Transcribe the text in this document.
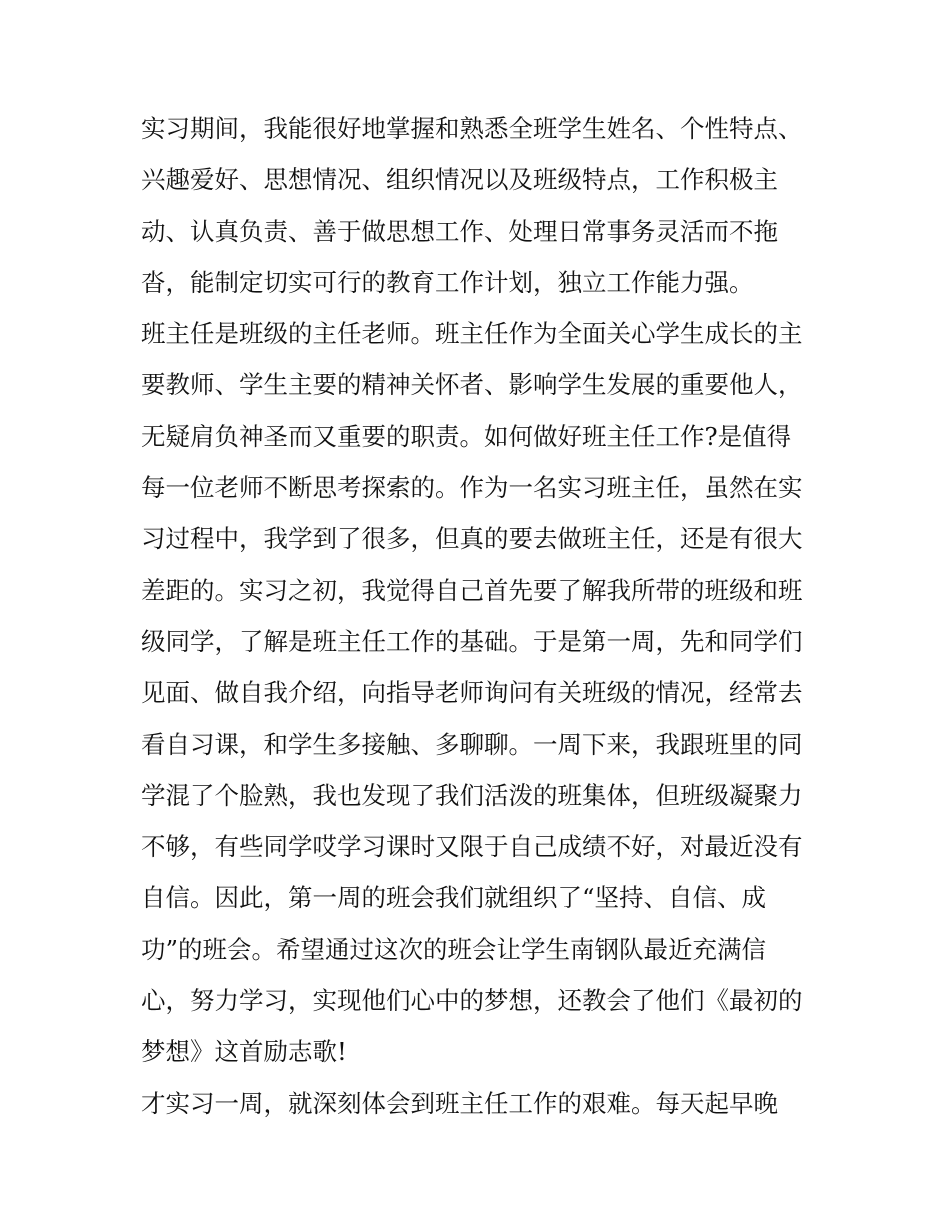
实习期间，我能很好地掌握和熟悉全班学生姓名、个性特点、
兴趣爱好、思想情况、组织情况以及班级特点，工作积极主
动、认真负责、善于做思想工作、处理日常事务灵活而不拖
沓，能制定切实可行的教育工作计划，独立工作能力强。
班主任是班级的主任老师。班主任作为全面关心学生成长的主
要教师、学生主要的精神关怀者、影响学生发展的重要他人，
无疑肩负神圣而又重要的职责。如何做好班主任工作?是值得
每一位老师不断思考探索的。作为一名实习班主任，虽然在实
习过程中，我学到了很多，但真的要去做班主任，还是有很大
差距的。实习之初，我觉得自己首先要了解我所带的班级和班
级同学，了解是班主任工作的基础。于是第一周，先和同学们
见面、做自我介绍，向指导老师询问有关班级的情况，经常去
看自习课，和学生多接触、多聊聊。一周下来，我跟班里的同
学混了个脸熟，我也发现了我们活泼的班集体，但班级凝聚力
不够，有些同学哎学习课时又限于自己成绩不好，对最近没有
自信。因此，第一周的班会我们就组织了“坚持、自信、成
功”的班会。希望通过这次的班会让学生南钢队最近充满信
心，努力学习，实现他们心中的梦想，还教会了他们《最初的
梦想》这首励志歌!
才实习一周，就深刻体会到班主任工作的艰难。每天起早晚
